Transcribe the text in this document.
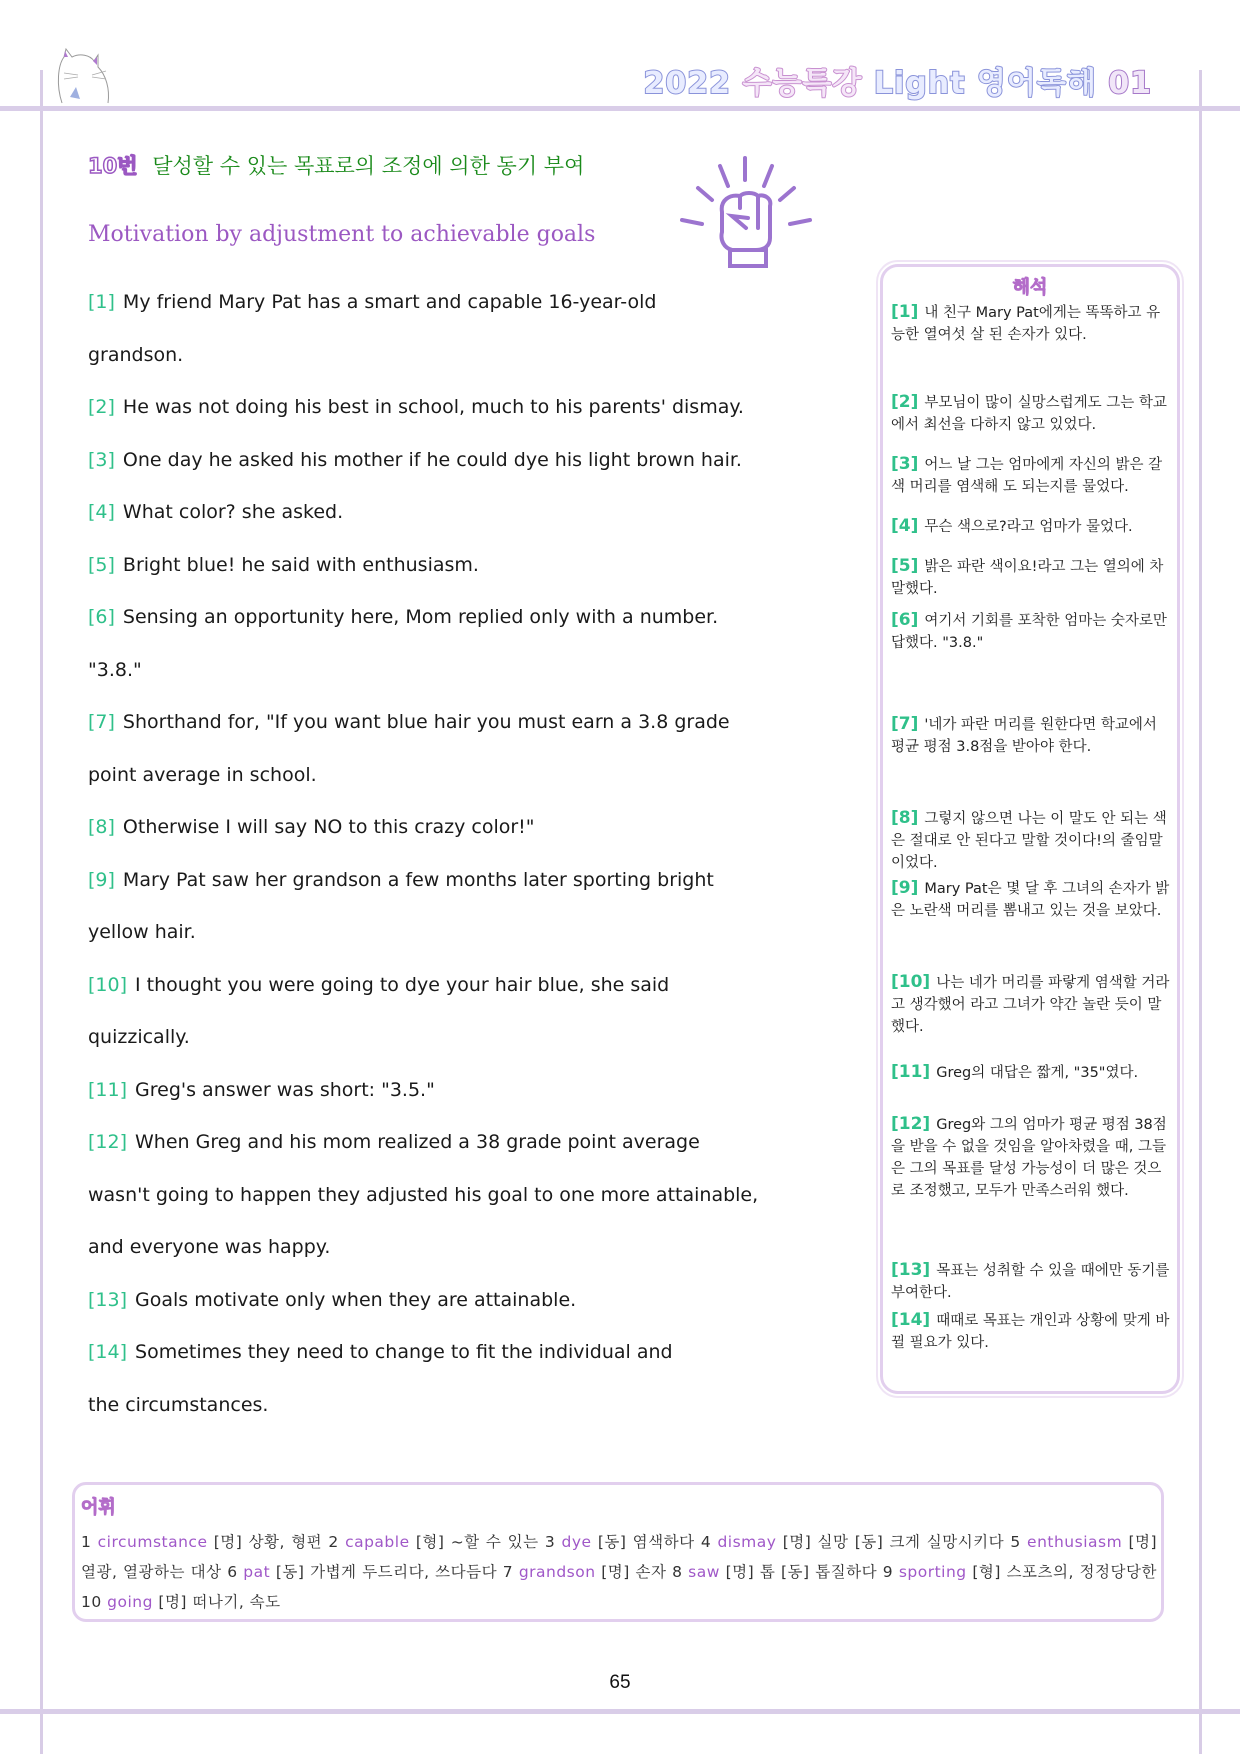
2022 수능특강 Light 영어독해 01
10번 달성할 수 있는 목표로의 조정에 의한 동기 부여
Motivation by adjustment to achievable goals
[1] My friend Mary Pat has a smart and capable 16-year-old
grandson.
[2] He was not doing his best in school, much to his parents' dismay.
[3] One day he asked his mother if he could dye his light brown hair.
[4] What color? she asked.
[5] Bright blue! he said with enthusiasm.
[6] Sensing an opportunity here, Mom replied only with a number.
"3.8."
[7] Shorthand for, "If you want blue hair you must earn a 3.8 grade
point average in school.
[8] Otherwise I will say NO to this crazy color!"
[9] Mary Pat saw her grandson a few months later sporting bright
yellow hair.
[10] I thought you were going to dye your hair blue, she said
quizzically.
[11] Greg's answer was short: "3.5."
[12] When Greg and his mom realized a 38 grade point average
wasn't going to happen they adjusted his goal to one more attainable,
and everyone was happy.
[13] Goals motivate only when they are attainable.
[14] Sometimes they need to change to fit the individual and
the circumstances.
해석
[1] 내 친구 Mary Pat에게는 똑똑하고 유능한 열여섯 살 된 손자가 있다.
[2] 부모님이 많이 실망스럽게도 그는 학교에서 최선을 다하지 않고 있었다.
[3] 어느 날 그는 엄마에게 자신의 밝은 갈색 머리를 염색해 도 되는지를 물었다.
[4] 무슨 색으로?라고 엄마가 물었다.
[5] 밝은 파란 색이요!라고 그는 열의에 차 말했다.
[6] 여기서 기회를 포착한 엄마는 숫자로만 답했다. "3.8."
[7] '네가 파란 머리를 원한다면 학교에서 평균 평점 3.8점을 받아야 한다.
[8] 그렇지 않으면 나는 이 말도 안 되는 색은 절대로 안 된다고 말할 것이다!의 줄임말이었다.
[9] Mary Pat은 몇 달 후 그녀의 손자가 밝은 노란색 머리를 뽐내고 있는 것을 보았다.
[10] 나는 네가 머리를 파랗게 염색할 거라고 생각했어 라고 그녀가 약간 놀란 듯이 말했다.
[11] Greg의 대답은 짧게, "35"였다.
[12] Greg와 그의 엄마가 평균 평점 38점을 받을 수 없을 것임을 알아차렸을 때, 그들은 그의 목표를 달성 가능성이 더 많은 것으로 조정했고, 모두가 만족스러워 했다.
[13] 목표는 성취할 수 있을 때에만 동기를 부여한다.
[14] 때때로 목표는 개인과 상황에 맞게 바뀔 필요가 있다.
어휘
1 circumstance [명] 상황, 형편 2 capable [형] ~할 수 있는 3 dye [동] 염색하다 4 dismay [명] 실망 [동] 크게 실망시키다 5 enthusiasm [명] 열광, 열광하는 대상 6 pat [동] 가볍게 두드리다, 쓰다듬다 7 grandson [명] 손자 8 saw [명] 톱 [동] 톱질하다 9 sporting [형] 스포츠의, 정정당당한 10 going [명] 떠나기, 속도
65
